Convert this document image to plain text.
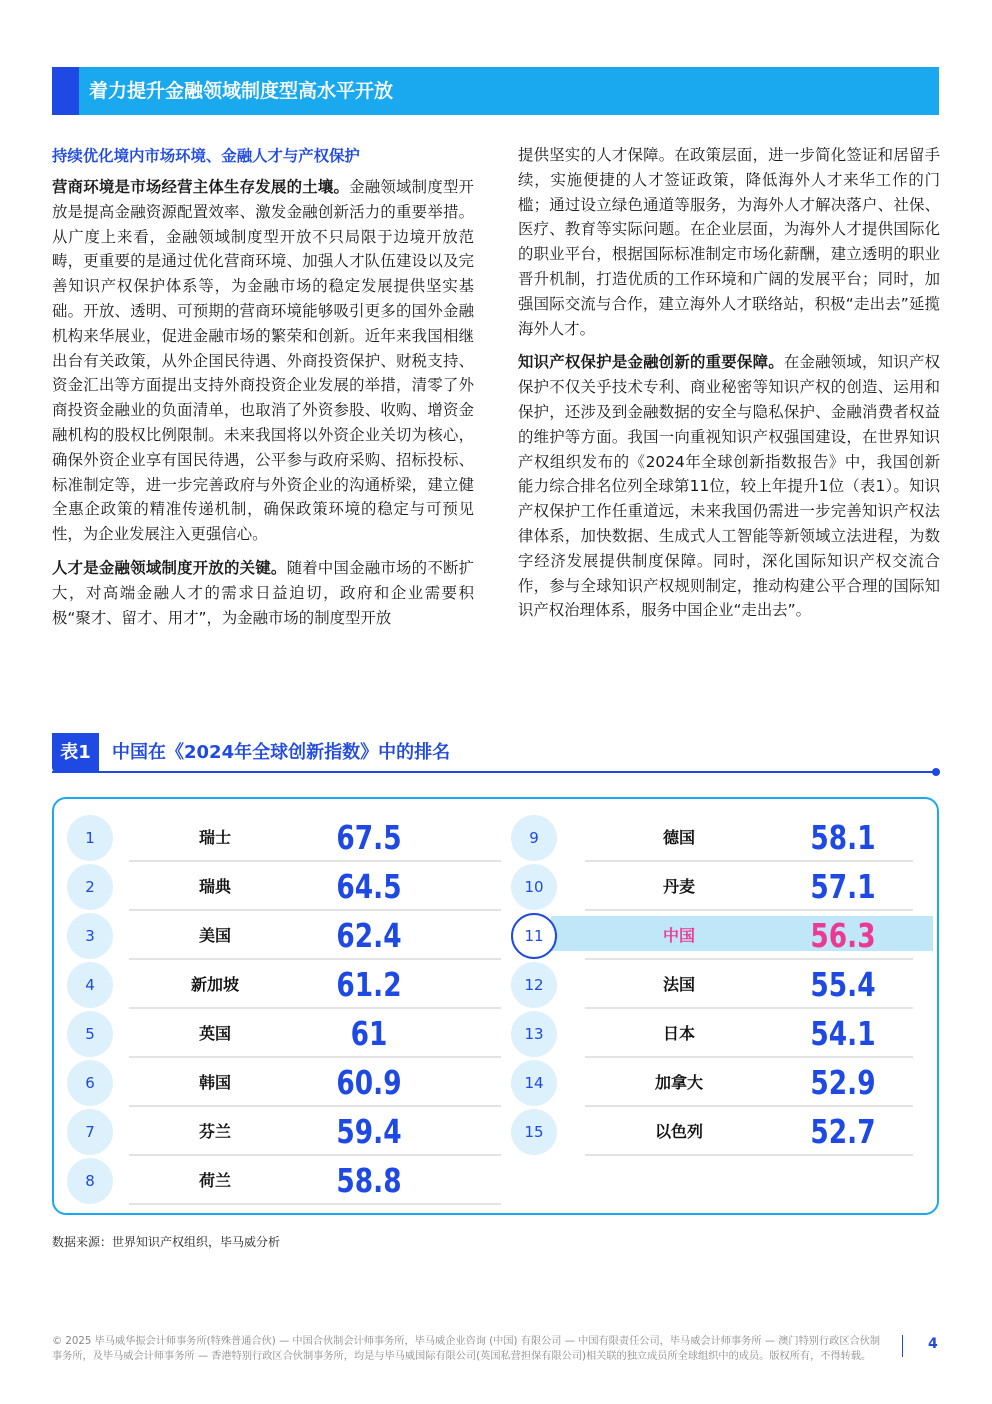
着力提升金融领域制度型高水平开放
持续优化境内市场环境、金融人才与产权保护

营商环境是市场经营主体生存发展的土壤。金融领域制度型开放是提高金融资源配置效率、激发金融创新活力的重要举措。从广度上来看，金融领域制度型开放不只局限于边境开放范畴，更重要的是通过优化营商环境、加强人才队伍建设以及完善知识产权保护体系等，为金融市场的稳定发展提供坚实基础。开放、透明、可预期的营商环境能够吸引更多的国外金融机构来华展业，促进金融市场的繁荣和创新。近年来我国相继出台有关政策，从外企国民待遇、外商投资保护、财税支持、资金汇出等方面提出支持外商投资企业发展的举措，清零了外商投资金融业的负面清单，也取消了外资参股、收购、增资金融机构的股权比例限制。未来我国将以外资企业关切为核心，确保外资企业享有国民待遇，公平参与政府采购、招标投标、标准制定等，进一步完善政府与外资企业的沟通桥梁，建立健全惠企政策的精准传递机制，确保政策环境的稳定与可预见性，为企业发展注入更强信心。

人才是金融领域制度开放的关键。随着中国金融市场的不断扩大，对高端金融人才的需求日益迫切，政府和企业需要积极“聚才、留才、用才”，为金融市场的制度型开放

提供坚实的人才保障。在政策层面，进一步简化签证和居留手续，实施便捷的人才签证政策，降低海外人才来华工作的门槛；通过设立绿色通道等服务，为海外人才解决落户、社保、医疗、教育等实际问题。在企业层面，为海外人才提供国际化的职业平台，根据国际标准制定市场化薪酬，建立透明的职业晋升机制，打造优质的工作环境和广阔的发展平台；同时，加强国际交流与合作，建立海外人才联络站，积极“走出去”延揽海外人才。

知识产权保护是金融创新的重要保障。在金融领域，知识产权保护不仅关乎技术专利、商业秘密等知识产权的创造、运用和保护，还涉及到金融数据的安全与隐私保护、金融消费者权益的维护等方面。我国一向重视知识产权强国建设，在世界知识产权组织发布的《2024年全球创新指数报告》中，我国创新能力综合排名位列全球第11位，较上年提升1位（表1）。知识产权保护工作任重道远，未来我国仍需进一步完善知识产权法律体系，加快数据、生成式人工智能等新领域立法进程，为数字经济发展提供制度保障。同时，深化国际知识产权交流合作，参与全球知识产权规则制定，推动构建公平合理的国际知识产权治理体系，服务中国企业“走出去”。

表1	中国在《2024年全球创新指数》中的排名
1	瑞士	67.5
2	瑞典	64.5
3	美国	62.4
4	新加坡	61.2
5	英国	61
6	韩国	60.9
7	芬兰	59.4
8	荷兰	58.8
9	德国	58.1
10	丹麦	57.1
11	中国	56.3
12	法国	55.4
13	日本	54.1
14	加拿大	52.9
15	以色列	52.7
数据来源：世界知识产权组织，毕马威分析
© 2025 毕马威华振会计师事务所(特殊普通合伙) — 中国合伙制会计师事务所，毕马威企业咨询 (中国) 有限公司 — 中国有限责任公司，毕马威会计师事务所 — 澳门特别行政区合伙制事务所，及毕马威会计师事务所 — 香港特别行政区合伙制事务所，均是与毕马威国际有限公司(英国私营担保有限公司)相关联的独立成员所全球组织中的成员。版权所有，不得转载。
4
